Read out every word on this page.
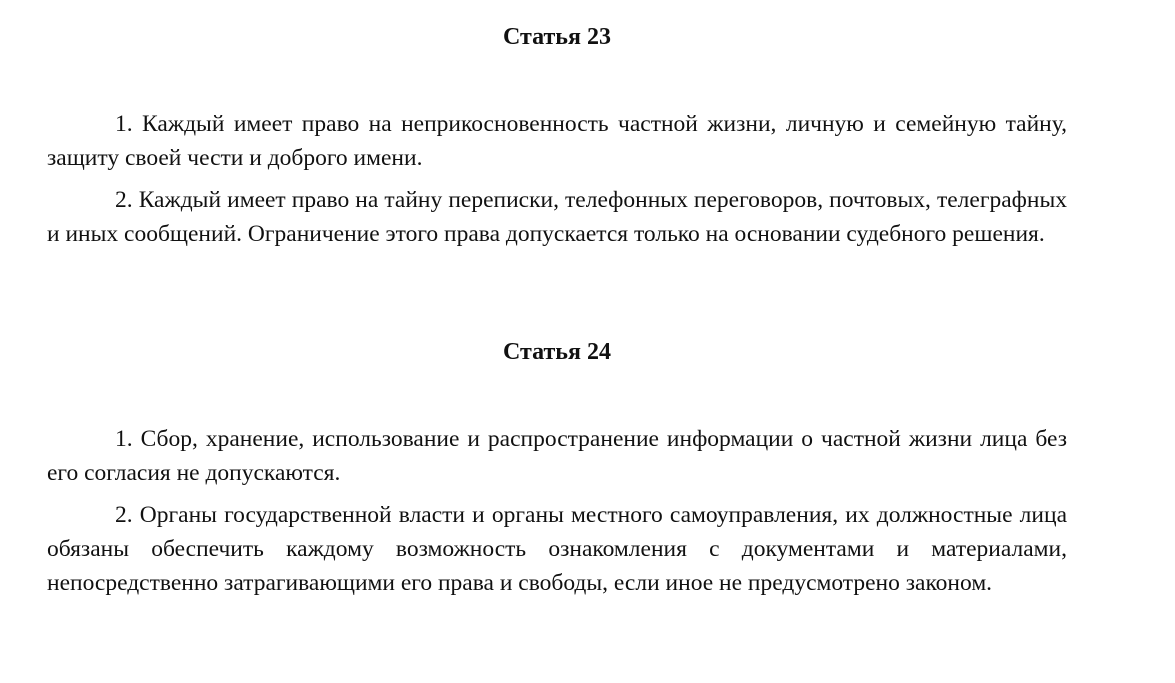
Статья 23

1. Каждый имеет право на неприкосновенность частной жизни, личную и семейную тайну, защиту своей чести и доброго имени.

2. Каждый имеет право на тайну переписки, телефонных переговоров, почтовых, телеграфных и иных сообщений. Ограничение этого права допускается только на основании судебного решения.

Статья 24

1. Сбор, хранение, использование и распространение информации о частной жизни лица без его согласия не допускаются.

2. Органы государственной власти и органы местного самоуправления, их должностные лица обязаны обеспечить каждому возможность ознакомления с документами и материалами, непосредственно затрагивающими его права и свободы, если иное не предусмотрено законом.
